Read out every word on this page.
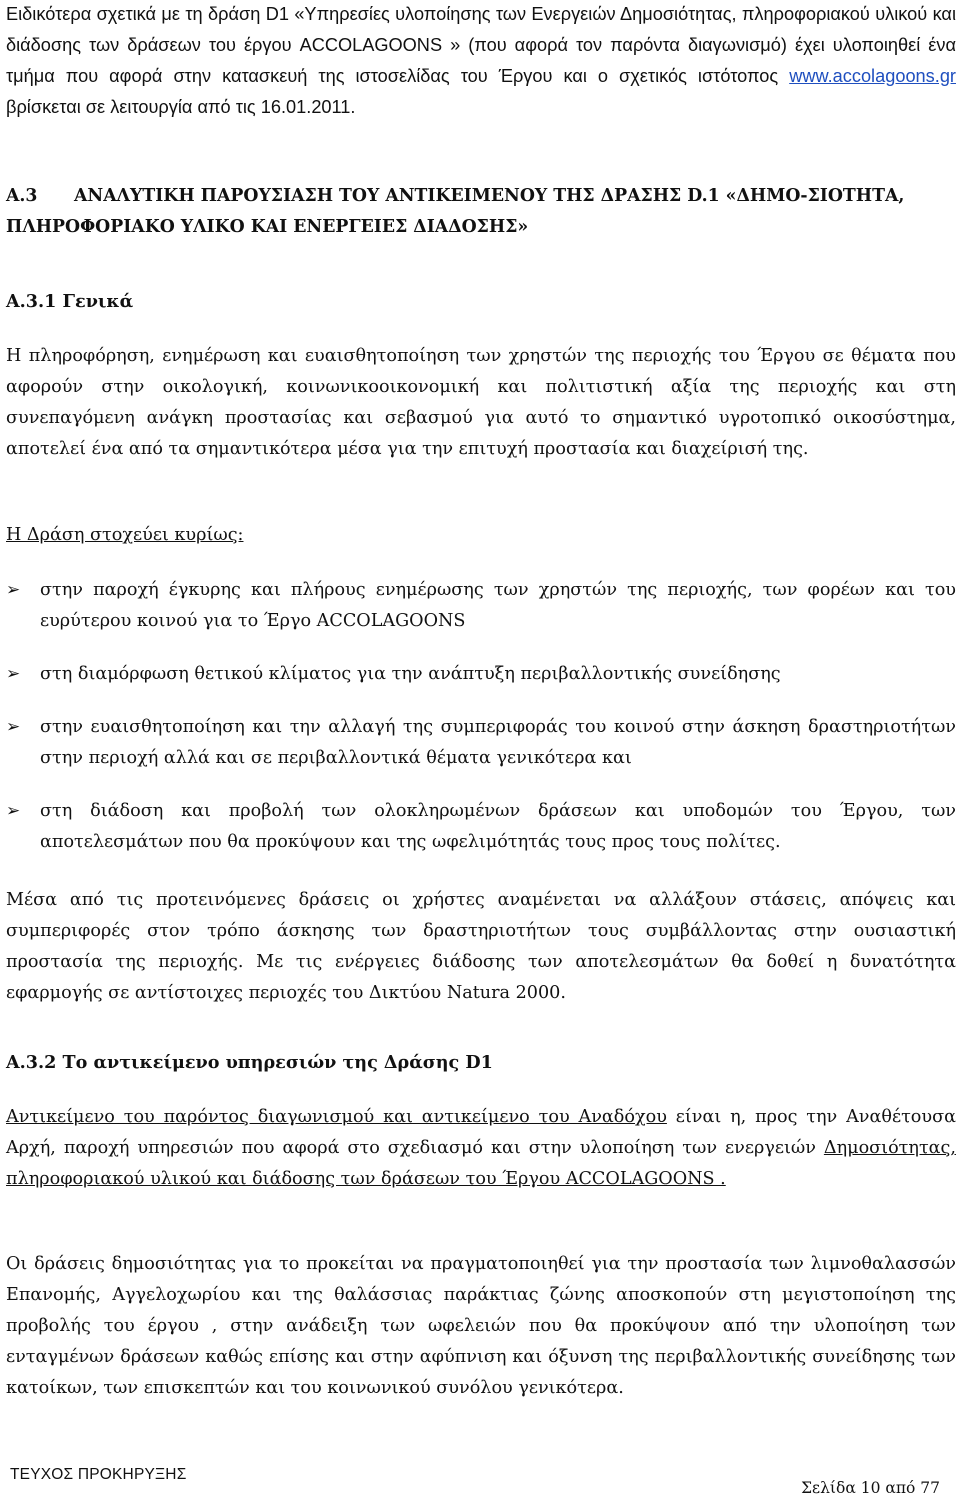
Ειδικότερα σχετικά με τη δράση D1 «Υπηρεσίες υλοποίησης των Ενεργειών Δημοσιότητας, πληροφοριακού υλικού και διάδοσης των δράσεων του έργου ACCOLAGOONS » (που αφορά τον παρόντα διαγωνισμό) έχει υλοποιηθεί ένα τμήμα που αφορά στην κατασκευή της ιστοσελίδας του Έργου και ο σχετικός ιστότοπος www.accolagoons.gr βρίσκεται σε λειτουργία από τις 16.01.2011.

Α.3 ΑΝΑΛΥΤΙΚΗ ΠΑΡΟΥΣΙΑΣΗ ΤΟΥ ΑΝΤΙΚΕΙΜΕΝΟΥ ΤΗΣ ΔΡΑΣΗΣ D.1 «ΔΗΜΟ-ΣΙΟΤΗΤΑ, ΠΛΗΡΟΦΟΡΙΑΚΟ ΥΛΙΚΟ ΚΑΙ ΕΝΕΡΓΕΙΕΣ ΔΙΑΔΟΣΗΣ»
Α.3.1 Γενικά

Η πληροφόρηση, ενημέρωση και ευαισθητοποίηση των χρηστών της περιοχής του Έργου σε θέματα που αφορούν στην οικολογική, κοινωνικοοικονομική και πολιτιστική αξία της περιοχής και στη συνεπαγόμενη ανάγκη προστασίας και σεβασμού για αυτό το σημαντικό υγροτοπικό οικοσύστημα, αποτελεί ένα από τα σημαντικότερα μέσα για την επιτυχή προστασία και διαχείρισή της.

Η Δράση στοχεύει κυρίως:
➢ στην παροχή έγκυρης και πλήρους ενημέρωσης των χρηστών της περιοχής, των φορέων και του ευρύτερου κοινού για το Έργο ACCOLAGOONS
➢ στη διαμόρφωση θετικού κλίματος για την ανάπτυξη περιβαλλοντικής συνείδησης
➢ στην ευαισθητοποίηση και την αλλαγή της συμπεριφοράς του κοινού στην άσκηση δραστηριοτήτων στην περιοχή αλλά και σε περιβαλλοντικά θέματα γενικότερα και
➢ στη διάδοση και προβολή των ολοκληρωμένων δράσεων και υποδομών του Έργου, των αποτελεσμάτων που θα προκύψουν και της ωφελιμότητάς τους προς τους πολίτες.

Μέσα από τις προτεινόμενες δράσεις οι χρήστες αναμένεται να αλλάξουν στάσεις, απόψεις και συμπεριφορές στον τρόπο άσκησης των δραστηριοτήτων τους συμβάλλοντας στην ουσιαστική προστασία της περιοχής. Με τις ενέργειες διάδοσης των αποτελεσμάτων θα δοθεί η δυνατότητα εφαρμογής σε αντίστοιχες περιοχές του Δικτύου Natura 2000.

Α.3.2 Το αντικείμενο υπηρεσιών της Δράσης D1

Αντικείμενο του παρόντος διαγωνισμού και αντικείμενο του Αναδόχου είναι η, προς την Αναθέτουσα Αρχή, παροχή υπηρεσιών που αφορά στο σχεδιασμό και στην υλοποίηση των ενεργειών Δημοσιότητας, πληροφοριακού υλικού και διάδοσης των δράσεων του Έργου ACCOLAGOONS .

Οι δράσεις δημοσιότητας για το προκείται να πραγματοποιηθεί για την προστασία των λιμνοθαλασσών Επανομής, Αγγελοχωρίου και της θαλάσσιας παράκτιας ζώνης αποσκοπούν στη μεγιστοποίηση της προβολής του έργου , στην ανάδειξη των ωφελειών που θα προκύψουν από την υλοποίηση των ενταγμένων δράσεων καθώς επίσης και στην αφύπνιση και όξυνση της περιβαλλοντικής συνείδησης των κατοίκων, των επισκεπτών και του κοινωνικού συνόλου γενικότερα.

ΤΕΥΧΟΣ ΠΡΟΚΗΡΥΞΗΣ
Σελίδα 10 από 77
